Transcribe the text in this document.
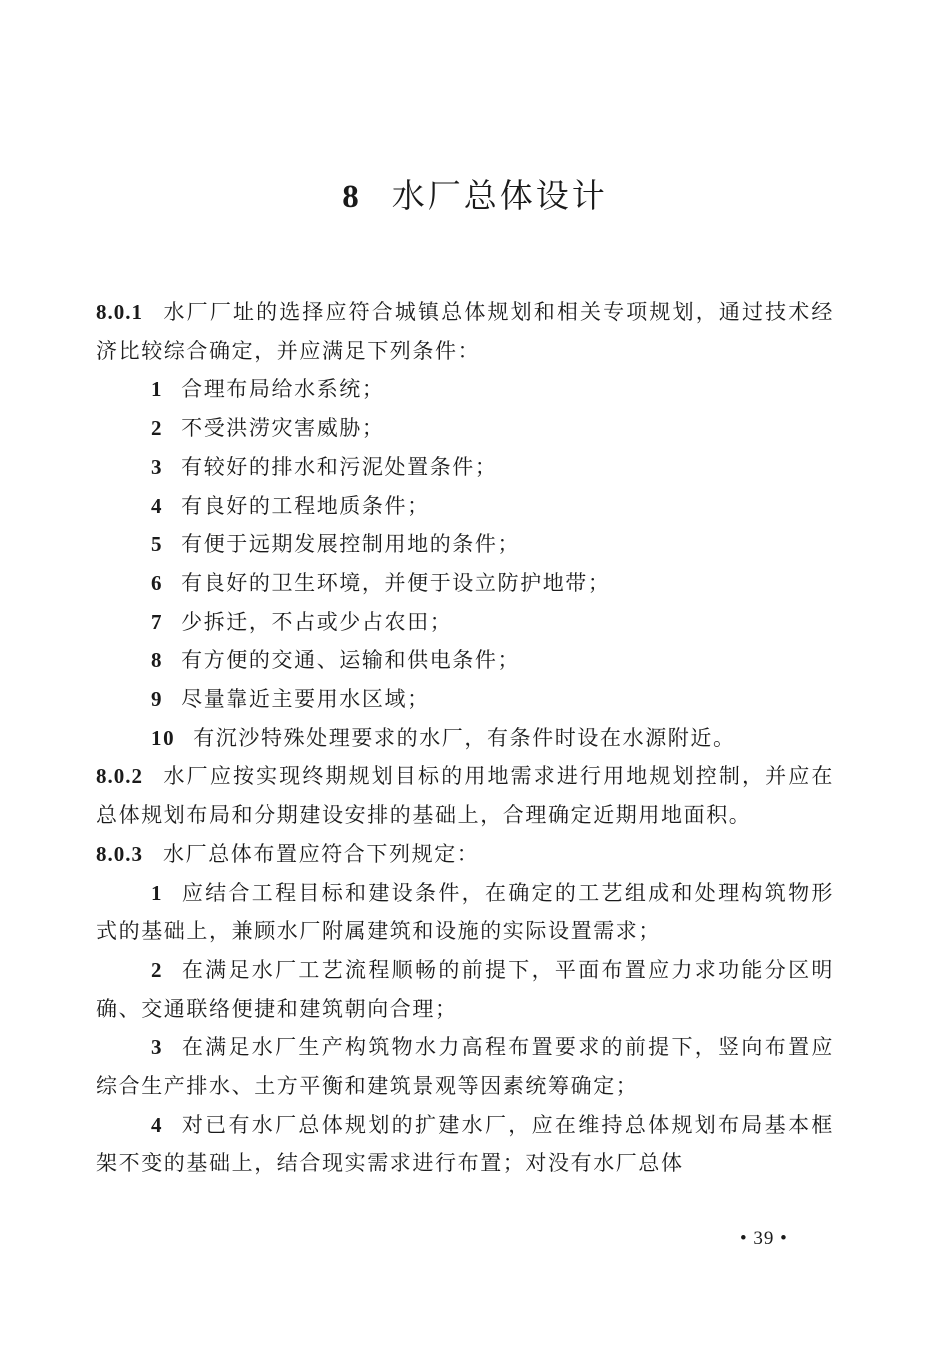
8 水厂总体设计
8.0.1 水厂厂址的选择应符合城镇总体规划和相关专项规划，通过技术经济比较综合确定，并应满足下列条件：
1 合理布局给水系统；
2 不受洪涝灾害威胁；
3 有较好的排水和污泥处置条件；
4 有良好的工程地质条件；
5 有便于远期发展控制用地的条件；
6 有良好的卫生环境，并便于设立防护地带；
7 少拆迁，不占或少占农田；
8 有方便的交通、运输和供电条件；
9 尽量靠近主要用水区域；
10 有沉沙特殊处理要求的水厂，有条件时设在水源附近。
8.0.2 水厂应按实现终期规划目标的用地需求进行用地规划控制，并应在总体规划布局和分期建设安排的基础上，合理确定近期用地面积。
8.0.3 水厂总体布置应符合下列规定：
1 应结合工程目标和建设条件，在确定的工艺组成和处理构筑物形式的基础上，兼顾水厂附属建筑和设施的实际设置需求；
2 在满足水厂工艺流程顺畅的前提下，平面布置应力求功能分区明确、交通联络便捷和建筑朝向合理；
3 在满足水厂生产构筑物水力高程布置要求的前提下，竖向布置应综合生产排水、土方平衡和建筑景观等因素统筹确定；
4 对已有水厂总体规划的扩建水厂，应在维持总体规划布局基本框架不变的基础上，结合现实需求进行布置；对没有水厂总体
• 39 •
